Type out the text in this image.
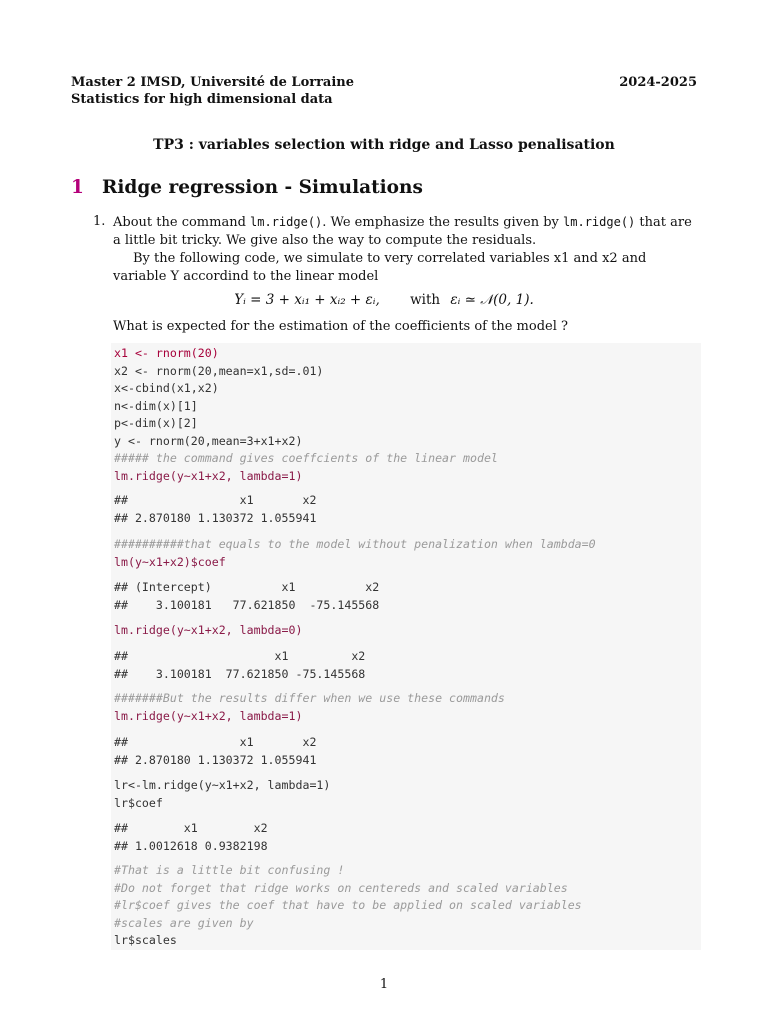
Master 2 IMSD, Université de Lorraine
Statistics for high dimensional data
2024-2025
TP3 : variables selection with ridge and Lasso penalisation
1 Ridge regression - Simulations
1. About the command lm.ridge(). We emphasize the results given by lm.ridge() that are a little bit tricky. We give also the way to compute the residuals.
By the following code, we simulate to very correlated variables x1 and x2 and variable Y accordind to the linear model
Yᵢ = 3 + xᵢ₁ + xᵢ₂ + εᵢ, with εᵢ ≃ 𝒩(0, 1).
What is expected for the estimation of the coefficients of the model ?
x1 <- rnorm(20)
x2 <- rnorm(20,mean=x1,sd=.01)
x<-cbind(x1,x2)
n<-dim(x)[1]
p<-dim(x)[2]
y <- rnorm(20,mean=3+x1+x2)
##### the command gives coeffcients of the linear model
lm.ridge(y~x1+x2, lambda=1)
##                x1       x2
## 2.870180 1.130372 1.055941
##########that equals to the model without penalization when lambda=0
lm(y~x1+x2)$coef
## (Intercept)          x1          x2
##    3.100181   77.621850  -75.145568
lm.ridge(y~x1+x2, lambda=0)
##                     x1         x2
##    3.100181  77.621850 -75.145568
#######But the results differ when we use these commands
lm.ridge(y~x1+x2, lambda=1)
##                x1       x2
## 2.870180 1.130372 1.055941
lr<-lm.ridge(y~x1+x2, lambda=1)
lr$coef
##        x1        x2
## 1.0012618 0.9382198
#That is a little bit confusing !
#Do not forget that ridge works on centereds and scaled variables
#lr$coef gives the coef that have to be applied on scaled variables
#scales are given by
lr$scales
1
